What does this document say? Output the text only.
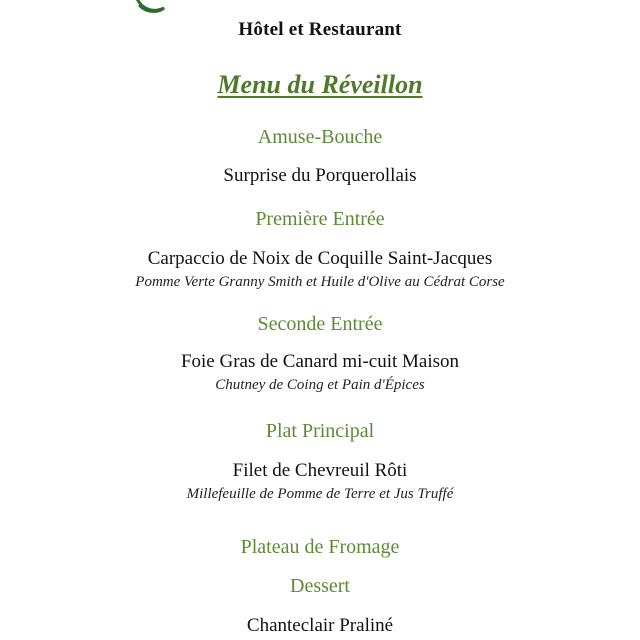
Hôtel et Restaurant
Menu du Réveillon
Amuse-Bouche
Surprise du Porquerollais
Première Entrée
Carpaccio de Noix de Coquille Saint-Jacques
Pomme Verte Granny Smith et Huile d'Olive au Cédrat Corse
Seconde Entrée
Foie Gras de Canard mi-cuit Maison
Chutney de Coing et Pain d'Épices
Plat Principal
Filet de Chevreuil Rôti
Millefeuille de Pomme de Terre et Jus Truffé
Plateau de Fromage
Dessert
Chanteclair Praliné
